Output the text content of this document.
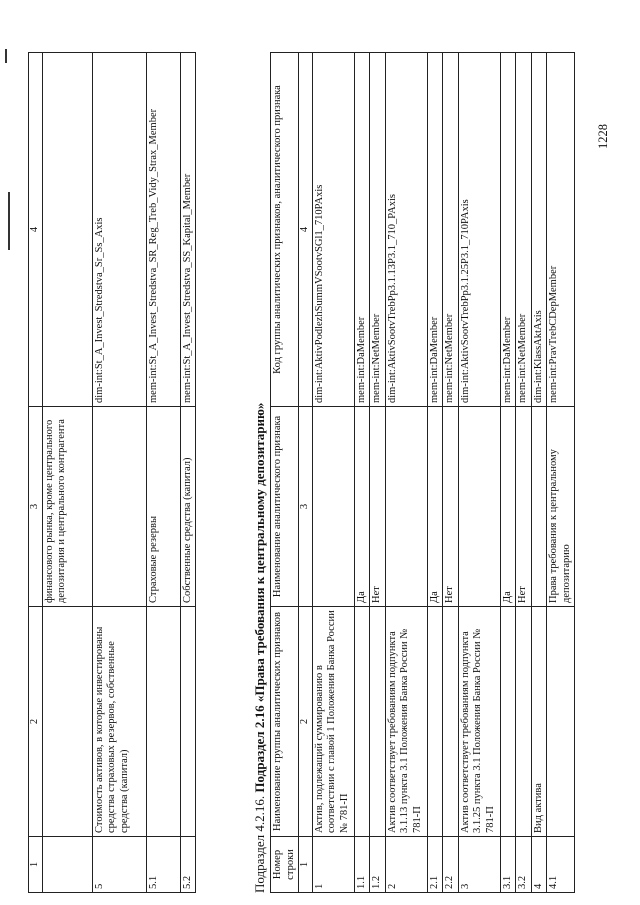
1228
1	2	3	4
		финансового рынка, кроме центрального депозитария и центрального контрагента	
5	Стоимость активов, в которые инвестированы средства страховых резервов, собственные средства (капитал)		dim-int:St_A_Invest_Stredstva_Sr_Ss_Axis
5.1		Страховые резервы	mem-int:St_A_Invest_Stredstva_SR_Reg_Treb_Vidy_Strax_Member
5.2		Собственные средства (капитал)	mem-int:St_A_Invest_Stredstva_SS_Kapital_Member
Подраздел 4.2.16. Подраздел 2.16 «Права требования к центральному депозитарию»
Номер строки	Наименование группы аналитических признаков	Наименование аналитического признака	Код группы аналитических признаков, аналитического признака
1	2	3	4
1	Актив, подлежащий суммированию в соответствии с главой 1 Положения Банка России № 781-П		dim-int:AktivPodlezhSummVSootvSGl1_710PAxis
1.1		Да	mem-int:DaMember
1.2		Нет	mem-int:NetMember
2	Актив соответствует требованиям подпункта 3.1.13 пункта 3.1 Положения Банка России № 781-П		dim-int:AktivSootvTrebPp3.1.13P3.1_710_PAxis
2.1		Да	mem-int:DaMember
2.2		Нет	mem-int:NetMember
3	Актив соответствует требованиям подпункта 3.1.25 пункта 3.1 Положения Банка России № 781-П		dim-int:AktivSootvTrebPp3.1.25P3.1_710PAxis
3.1		Да	mem-int:DaMember
3.2		Нет	mem-int:NetMember
4	Вид актива		dim-int:KlassAktAxis
4.1		Права требования к центральному депозитарию	mem-int:PravTrebCDepMember
